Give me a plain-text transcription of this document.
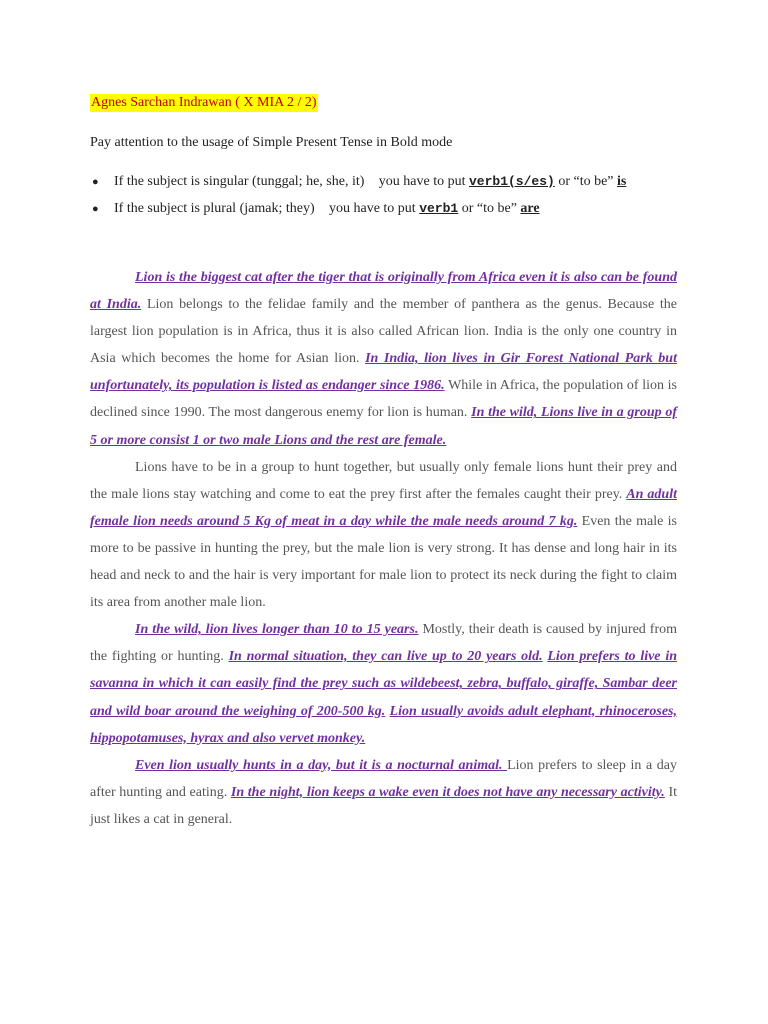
Agnes Sarchan Indrawan ( X MIA 2 / 2)
Pay attention to the usage of Simple Present Tense in Bold mode
● If the subject is singular (tunggal; he, she, it)  you have to put verb1(s/es) or “to be” is
● If the subject is plural (jamak; they)  you have to put verb1 or “to be” are

Lion is the biggest cat after the tiger that is originally from Africa even it is also can be found at India. Lion belongs to the felidae family and the member of panthera as the genus. Because the largest lion population is in Africa, thus it is also called African lion. India is the only one country in Asia which becomes the home for Asian lion. In India, lion lives in Gir Forest National Park but unfortunately, its population is listed as endanger since 1986. While in Africa, the population of lion is declined since 1990. The most dangerous enemy for lion is human. In the wild, Lions live in a group of 5 or more consist 1 or two male Lions and the rest are female.

Lions have to be in a group to hunt together, but usually only female lions hunt their prey and the male lions stay watching and come to eat the prey first after the females caught their prey. An adult female lion needs around 5 Kg of meat in a day while the male needs around 7 kg. Even the male is more to be passive in hunting the prey, but the male lion is very strong. It has dense and long hair in its head and neck to and the hair is very important for male lion to protect its neck during the fight to claim its area from another male lion.

In the wild, lion lives longer than 10 to 15 years. Mostly, their death is caused by injured from the fighting or hunting. In normal situation, they can live up to 20 years old. Lion prefers to live in savanna in which it can easily find the prey such as wildebeest, zebra, buffalo, giraffe, Sambar deer and wild boar around the weighing of 200-500 kg. Lion usually avoids adult elephant, rhinoceroses, hippopotamuses, hyrax and also vervet monkey.

Even lion usually hunts in a day, but it is a nocturnal animal. Lion prefers to sleep in a day after hunting and eating. In the night, lion keeps a wake even it does not have any necessary activity. It just likes a cat in general.
